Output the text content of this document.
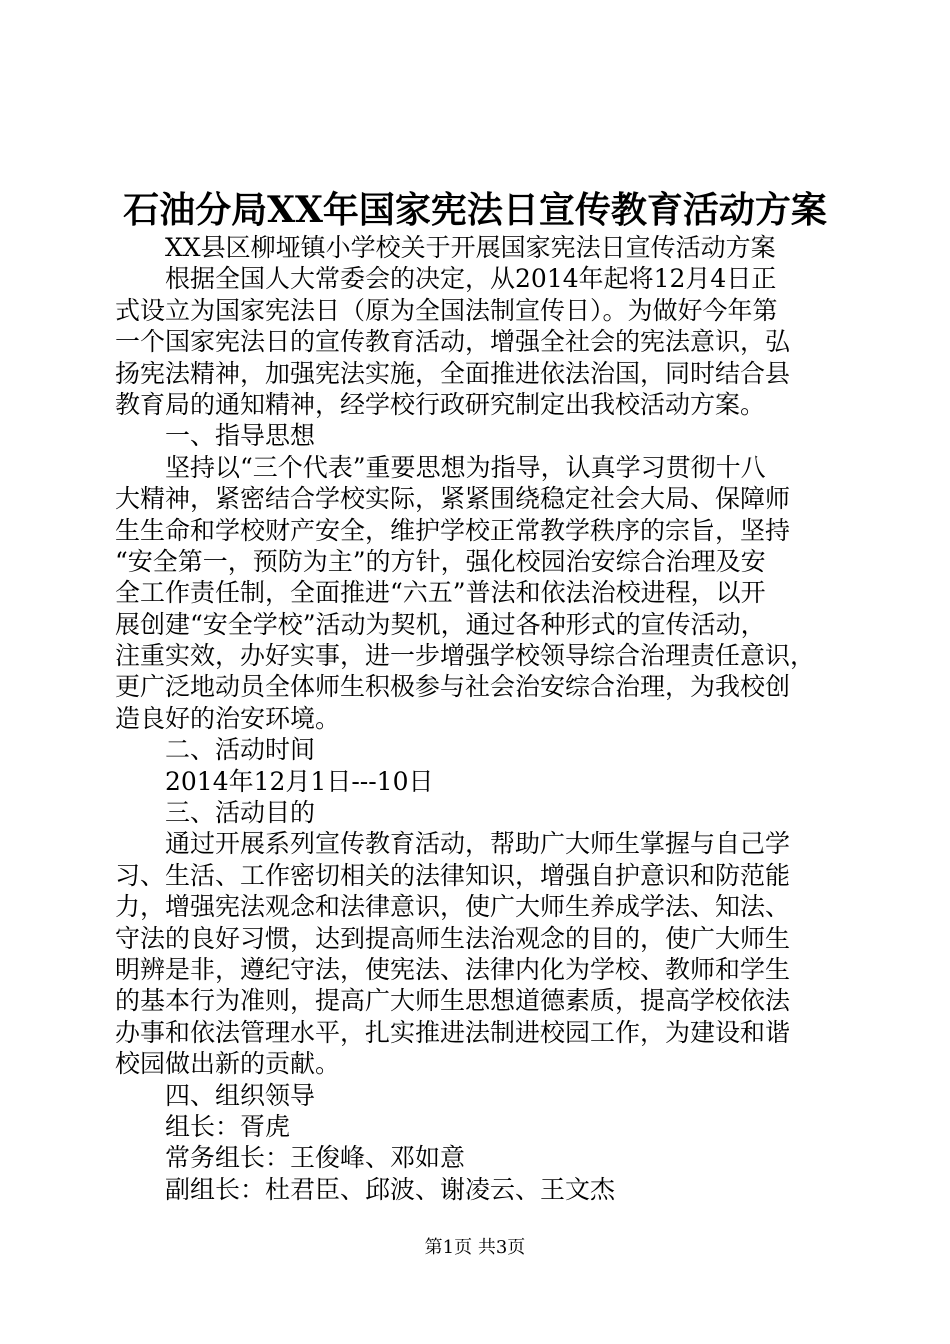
石油分局XX年国家宪法日宣传教育活动方案
　　XX县区柳垭镇小学校关于开展国家宪法日宣传活动方案
　　根据全国人大常委会的决定，从2014年起将12月4日正
式设立为国家宪法日（原为全国法制宣传日）。为做好今年第
一个国家宪法日的宣传教育活动，增强全社会的宪法意识，弘
扬宪法精神，加强宪法实施，全面推进依法治国，同时结合县
教育局的通知精神，经学校行政研究制定出我校活动方案。
　　一、指导思想
　　坚持以“三个代表”重要思想为指导，认真学习贯彻十八
大精神，紧密结合学校实际，紧紧围绕稳定社会大局、保障师
生生命和学校财产安全，维护学校正常教学秩序的宗旨，坚持
“安全第一，预防为主”的方针，强化校园治安综合治理及安
全工作责任制，全面推进“六五”普法和依法治校进程，以开
展创建“安全学校”活动为契机，通过各种形式的宣传活动，
注重实效，办好实事，进一步增强学校领导综合治理责任意识，
更广泛地动员全体师生积极参与社会治安综合治理，为我校创
造良好的治安环境。
　　二、活动时间
　　2014年12月1日---10日
　　三、活动目的
　　通过开展系列宣传教育活动，帮助广大师生掌握与自己学
习、生活、工作密切相关的法律知识，增强自护意识和防范能
力，增强宪法观念和法律意识，使广大师生养成学法、知法、
守法的良好习惯，达到提高师生法治观念的目的，使广大师生
明辨是非，遵纪守法，使宪法、法律内化为学校、教师和学生
的基本行为准则，提高广大师生思想道德素质，提高学校依法
办事和依法管理水平，扎实推进法制进校园工作，为建设和谐
校园做出新的贡献。
　　四、组织领导
　　组长：胥虎
　　常务组长：王俊峰、邓如意
　　副组长：杜君臣、邱波、谢凌云、王文杰
第1页 共3页
